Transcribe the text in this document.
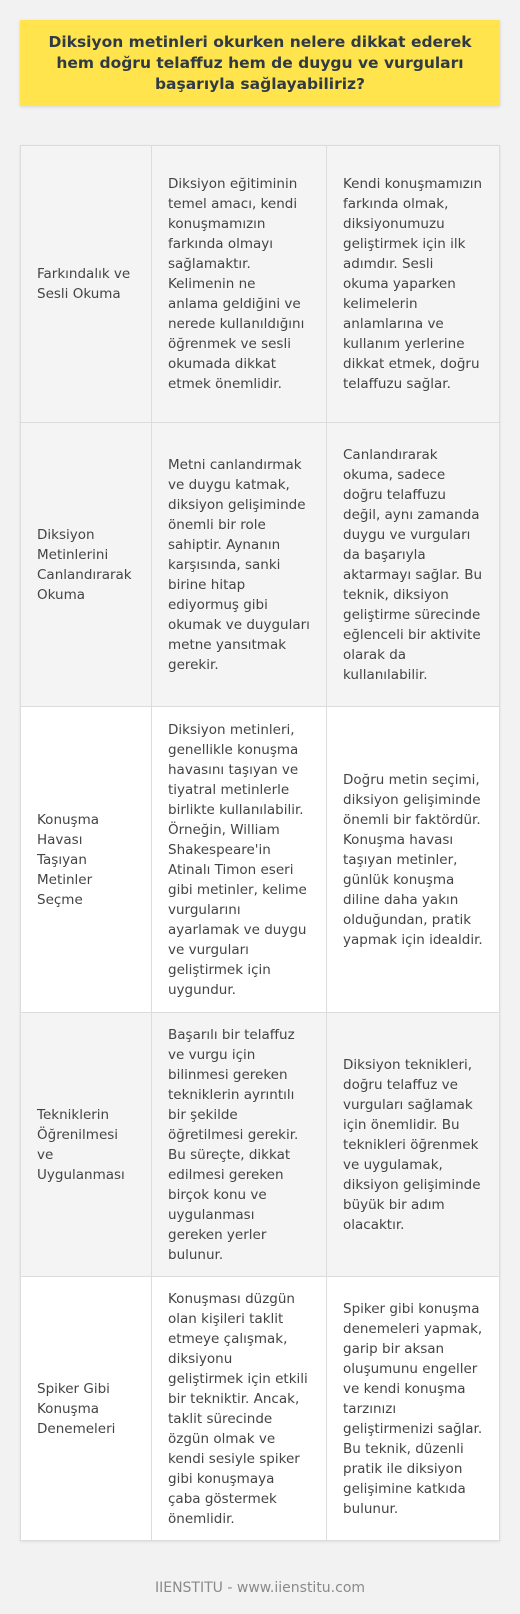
Diksiyon metinleri okurken nelere dikkat ederek hem doğru telaffuz hem de duygu ve vurguları başarıyla sağlayabiliriz?
Farkındalık ve Sesli Okuma	Diksiyon eğitiminin temel amacı, kendi konuşmamızın farkında olmayı sağlamaktır. Kelimenin ne anlama geldiğini ve nerede kullanıldığını öğrenmek ve sesli okumada dikkat etmek önemlidir.	Kendi konuşmamızın farkında olmak, diksiyonumuzu geliştirmek için ilk adımdır. Sesli okuma yaparken kelimelerin anlamlarına ve kullanım yerlerine dikkat etmek, doğru telaffuzu sağlar.
Diksiyon Metinlerini Canlandırarak Okuma	Metni canlandırmak ve duygu katmak, diksiyon gelişiminde önemli bir role sahiptir. Aynanın karşısında, sanki birine hitap ediyormuş gibi okumak ve duyguları metne yansıtmak gerekir.	Canlandırarak okuma, sadece doğru telaffuzu değil, aynı zamanda duygu ve vurguları da başarıyla aktarmayı sağlar. Bu teknik, diksiyon geliştirme sürecinde eğlenceli bir aktivite olarak da kullanılabilir.
Konuşma Havası Taşıyan Metinler Seçme	Diksiyon metinleri, genellikle konuşma havasını taşıyan ve tiyatral metinlerle birlikte kullanılabilir. Örneğin, William Shakespeare'in Atinalı Timon eseri gibi metinler, kelime vurgularını ayarlamak ve duygu ve vurguları geliştirmek için uygundur.	Doğru metin seçimi, diksiyon gelişiminde önemli bir faktördür. Konuşma havası taşıyan metinler, günlük konuşma diline daha yakın olduğundan, pratik yapmak için idealdir.
Tekniklerin Öğrenilmesi ve Uygulanması	Başarılı bir telaffuz ve vurgu için bilinmesi gereken tekniklerin ayrıntılı bir şekilde öğretilmesi gerekir. Bu süreçte, dikkat edilmesi gereken birçok konu ve uygulanması gereken yerler bulunur.	Diksiyon teknikleri, doğru telaffuz ve vurguları sağlamak için önemlidir. Bu teknikleri öğrenmek ve uygulamak, diksiyon gelişiminde büyük bir adım olacaktır.
Spiker Gibi Konuşma Denemeleri	Konuşması düzgün olan kişileri taklit etmeye çalışmak, diksiyonu geliştirmek için etkili bir tekniktir. Ancak, taklit sürecinde özgün olmak ve kendi sesiyle spiker gibi konuşmaya çaba göstermek önemlidir.	Spiker gibi konuşma denemeleri yapmak, garip bir aksan oluşumunu engeller ve kendi konuşma tarzınızı geliştirmenizi sağlar. Bu teknik, düzenli pratik ile diksiyon gelişimine katkıda bulunur.
IIENSTITU - www.iienstitu.com
